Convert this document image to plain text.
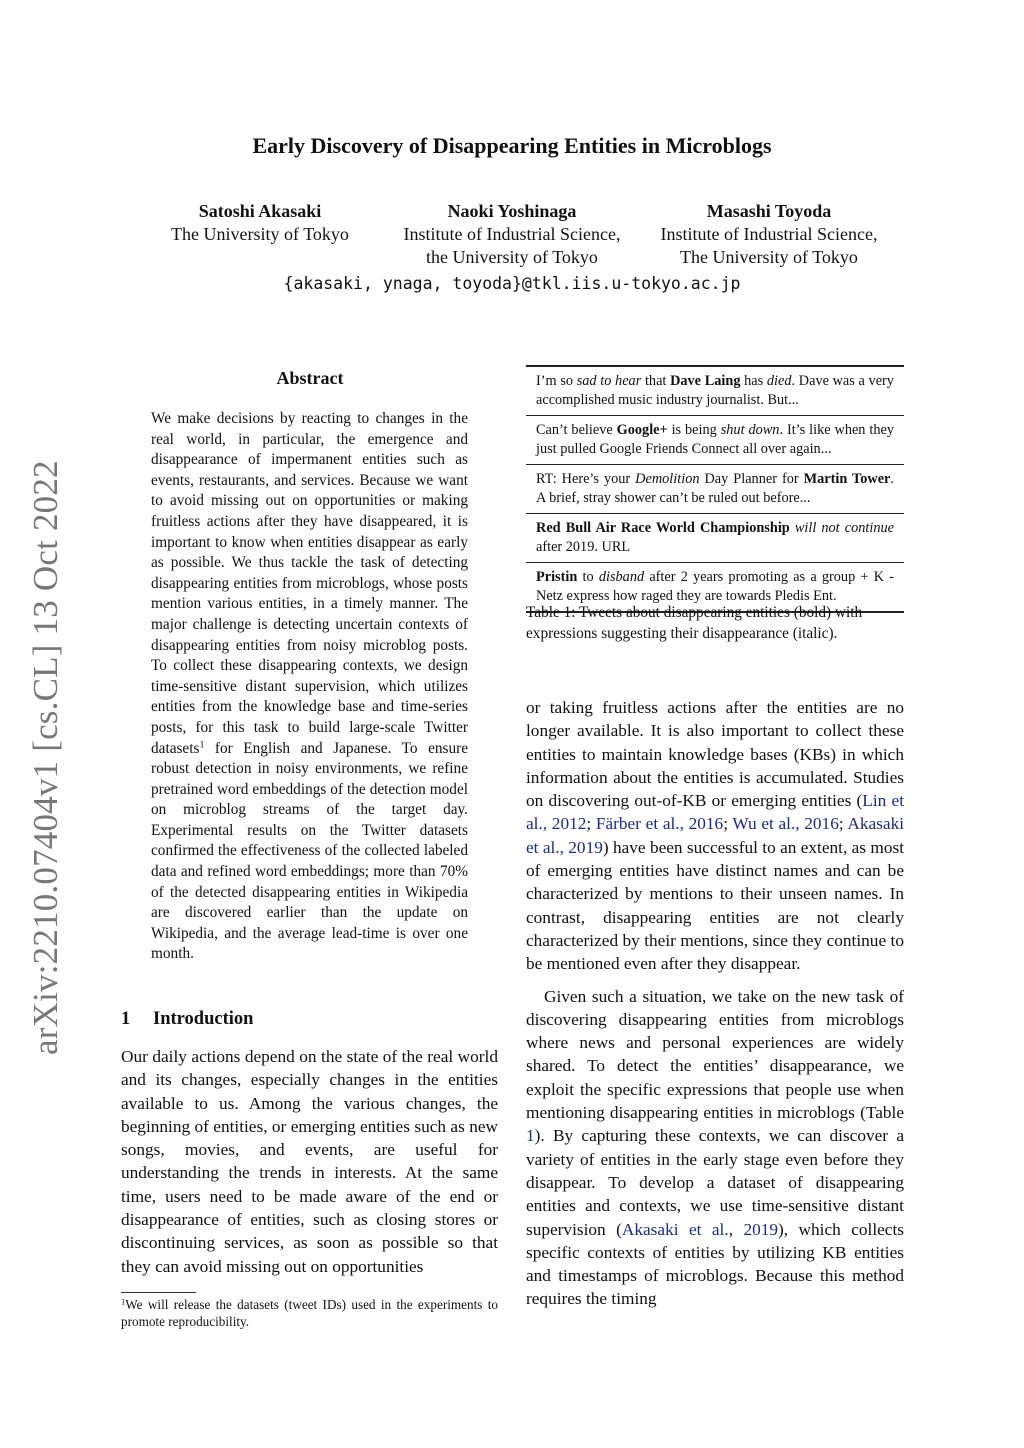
Early Discovery of Disappearing Entities in Microblogs
Satoshi Akasaki
The University of Tokyo
Naoki Yoshinaga
Institute of Industrial Science,
the University of Tokyo
Masashi Toyoda
Institute of Industrial Science,
The University of Tokyo
{akasaki, ynaga, toyoda}@tkl.iis.u-tokyo.ac.jp
arXiv:2210.07404v1 [cs.CL] 13 Oct 2022
Abstract
We make decisions by reacting to changes in the real world, in particular, the emergence and disappearance of impermanent entities such as events, restaurants, and services. Because we want to avoid missing out on opportunities or making fruitless actions after they have disappeared, it is important to know when entities disappear as early as possible. We thus tackle the task of detecting disappearing entities from microblogs, whose posts mention various entities, in a timely manner. The major challenge is detecting uncertain contexts of disappearing entities from noisy microblog posts. To collect these disappearing contexts, we design time-sensitive distant supervision, which utilizes entities from the knowledge base and time-series posts, for this task to build large-scale Twitter datasets$^1$ for English and Japanese. To ensure robust detection in noisy environments, we refine pretrained word embeddings of the detection model on microblog streams of the target day. Experimental results on the Twitter datasets confirmed the effectiveness of the collected labeled data and refined word embeddings; more than 70% of the detected disappearing entities in Wikipedia are discovered earlier than the update on Wikipedia, and the average lead-time is over one month.
1 Introduction
Our daily actions depend on the state of the real world and its changes, especially changes in the entities available to us. Among the various changes, the beginning of entities, or emerging entities such as new songs, movies, and events, are useful for understanding the trends in interests. At the same time, users need to be made aware of the end or disappearance of entities, such as closing stores or discontinuing services, as soon as possible so that they can avoid missing out on opportunities
$^1$We will release the datasets (tweet IDs) used in the experiments to promote reproducibility.
I’m so sad to hear that Dave Laing has died. Dave was a very accomplished music industry journalist. But...
Can’t believe Google+ is being shut down. It’s like when they just pulled Google Friends Connect all over again...
RT: Here’s your Demolition Day Planner for Martin Tower. A brief, stray shower can’t be ruled out before...
Red Bull Air Race World Championship will not continue after 2019. URL
Pristin to disband after 2 years promoting as a group + K - Netz express how raged they are towards Pledis Ent.
Table 1: Tweets about disappearing entities (bold) with expressions suggesting their disappearance (italic).

or taking fruitless actions after the entities are no longer available. It is also important to collect these entities to maintain knowledge bases (KBs) in which information about the entities is accumulated. Studies on discovering out-of-KB or emerging entities (Lin et al., 2012; Färber et al., 2016; Wu et al., 2016; Akasaki et al., 2019) have been successful to an extent, as most of emerging entities have distinct names and can be characterized by mentions to their unseen names. In contrast, disappearing entities are not clearly characterized by their mentions, since they continue to be mentioned even after they disappear.

Given such a situation, we take on the new task of discovering disappearing entities from microblogs where news and personal experiences are widely shared. To detect the entities’ disappearance, we exploit the specific expressions that people use when mentioning disappearing entities in microblogs (Table 1). By capturing these contexts, we can discover a variety of entities in the early stage even before they disappear. To develop a dataset of disappearing entities and contexts, we use time-sensitive distant supervision (Akasaki et al., 2019), which collects specific contexts of entities by utilizing KB entities and timestamps of microblogs. Because this method requires the timing
